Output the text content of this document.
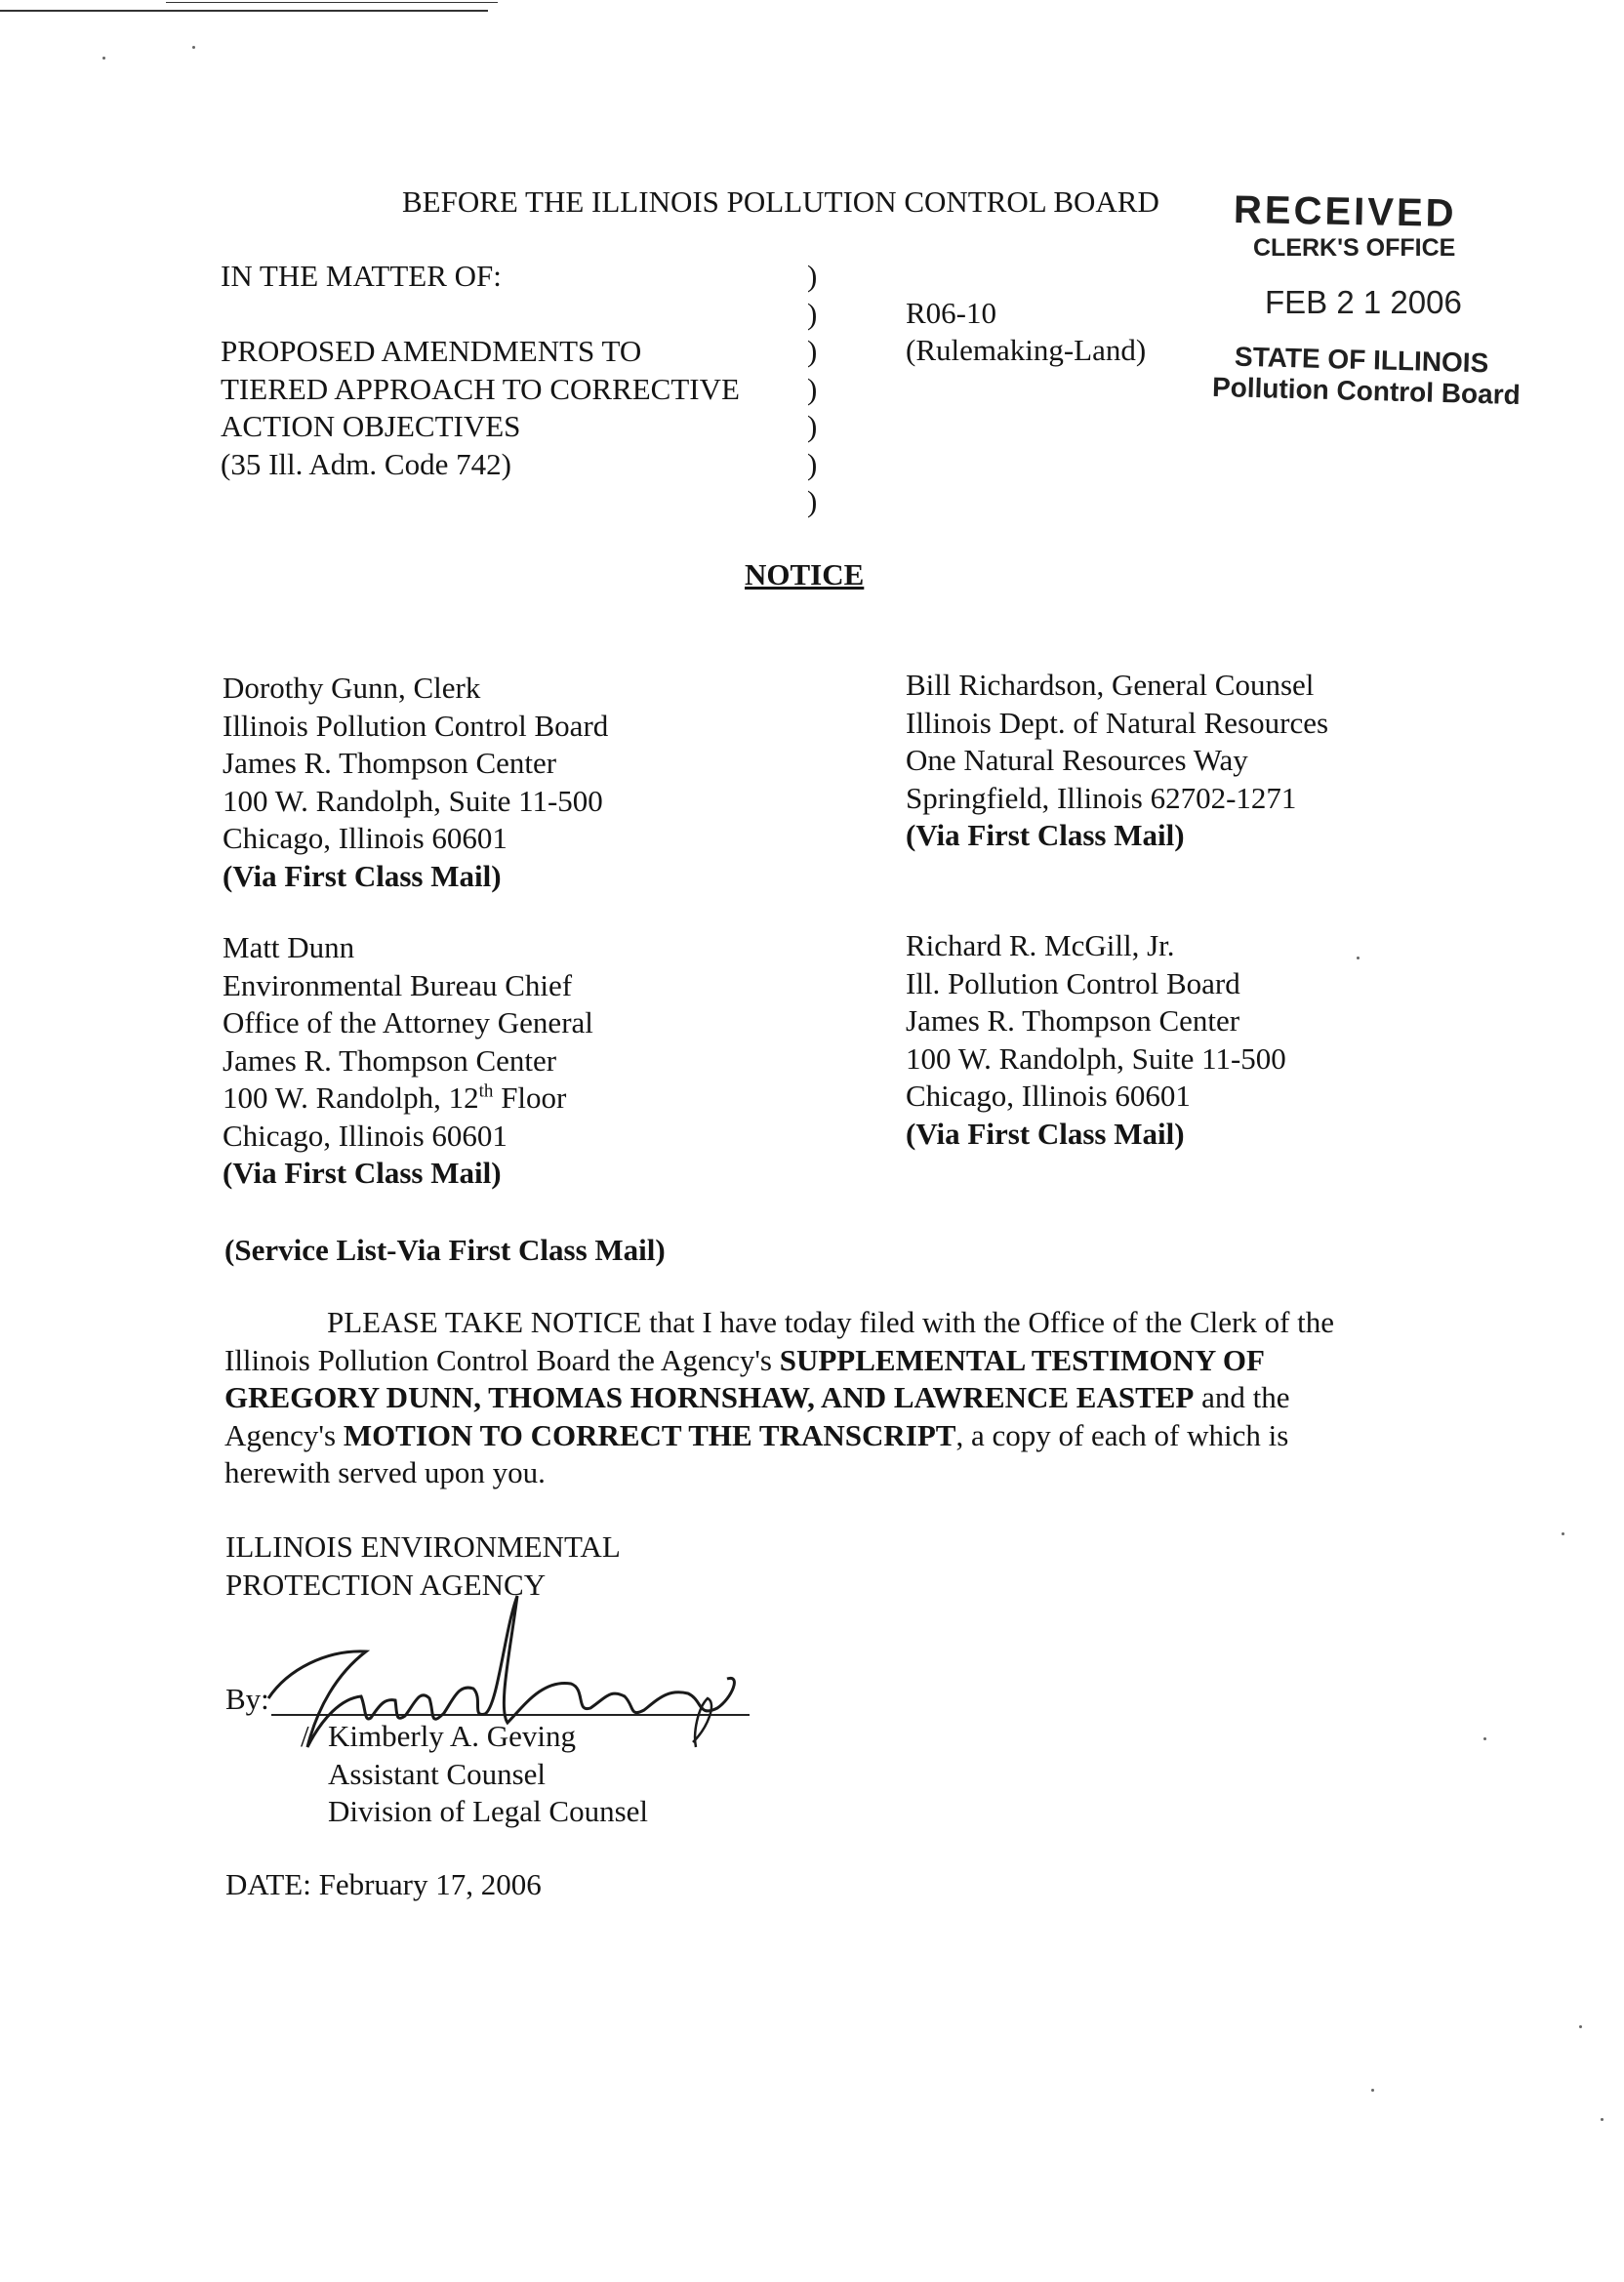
BEFORE THE ILLINOIS POLLUTION CONTROL BOARD RECEIVED
CLERK'S OFFICE
FEB 2 1 2006
STATE OF ILLINOIS
Pollution Control Board
IN THE MATTER OF:
PROPOSED AMENDMENTS TO
TIERED APPROACH TO CORRECTIVE
ACTION OBJECTIVES
(35 Ill. Adm. Code 742)
)
)
)
)
)
)
)
R06-10
(Rulemaking-Land)
NOTICE
Dorothy Gunn, Clerk
Illinois Pollution Control Board
James R. Thompson Center
100 W. Randolph, Suite 11-500
Chicago, Illinois 60601
(Via First Class Mail)
Bill Richardson, General Counsel
Illinois Dept. of Natural Resources
One Natural Resources Way
Springfield, Illinois 62702-1271
(Via First Class Mail)
Matt Dunn
Environmental Bureau Chief
Office of the Attorney General
James R. Thompson Center
100 W. Randolph, 12th Floor
Chicago, Illinois 60601
(Via First Class Mail)
Richard R. McGill, Jr.
Ill. Pollution Control Board
James R. Thompson Center
100 W. Randolph, Suite 11-500
Chicago, Illinois 60601
(Via First Class Mail)
(Service List-Via First Class Mail)
PLEASE TAKE NOTICE that I have today filed with the Office of the Clerk of the
Illinois Pollution Control Board the Agency's SUPPLEMENTAL TESTIMONY OF
GREGORY DUNN, THOMAS HORNSHAW, AND LAWRENCE EASTEP and the
Agency's MOTION TO CORRECT THE TRANSCRIPT, a copy of each of which is
herewith served upon you.
ILLINOIS ENVIRONMENTAL
PROTECTION AGENCY
By:
/ Kimberly A. Geving
Assistant Counsel
Division of Legal Counsel
DATE: February 17, 2006
